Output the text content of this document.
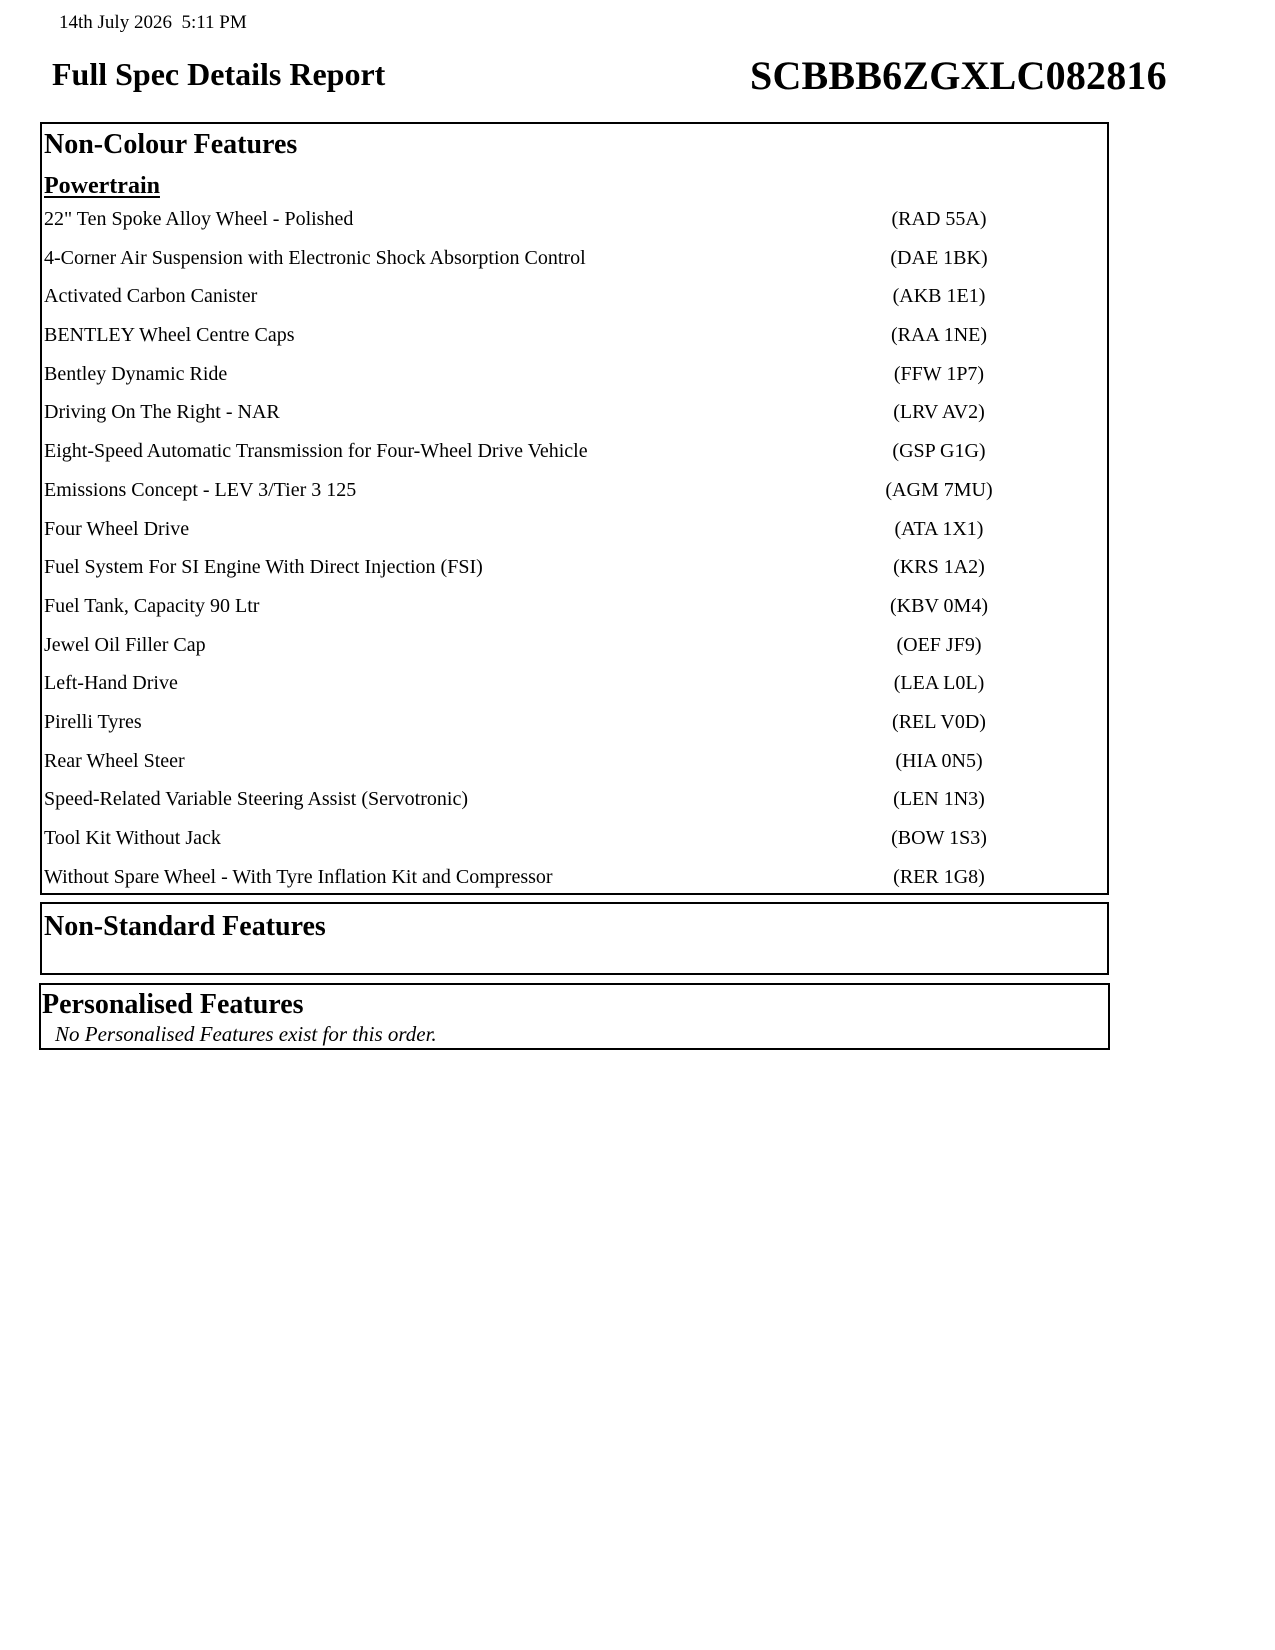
14th July 2026  5:11 PM
Full Spec Details Report	SCBBB6ZGXLC082816
Non-Colour Features
Powertrain
22" Ten Spoke Alloy Wheel - Polished	(RAD 55A)
4-Corner Air Suspension with Electronic Shock Absorption Control	(DAE 1BK)
Activated Carbon Canister	(AKB 1E1)
BENTLEY Wheel Centre Caps	(RAA 1NE)
Bentley Dynamic Ride	(FFW 1P7)
Driving On The Right - NAR	(LRV AV2)
Eight-Speed Automatic Transmission for Four-Wheel Drive Vehicle	(GSP G1G)
Emissions Concept - LEV 3/Tier 3 125	(AGM 7MU)
Four Wheel Drive	(ATA 1X1)
Fuel System For SI Engine With Direct Injection (FSI)	(KRS 1A2)
Fuel Tank, Capacity 90 Ltr	(KBV 0M4)
Jewel Oil Filler Cap	(OEF JF9)
Left-Hand Drive	(LEA L0L)
Pirelli Tyres	(REL V0D)
Rear Wheel Steer	(HIA 0N5)
Speed-Related Variable Steering Assist (Servotronic)	(LEN 1N3)
Tool Kit Without Jack	(BOW 1S3)
Without Spare Wheel - With Tyre Inflation Kit and Compressor	(RER 1G8)
Non-Standard Features
Personalised Features
No Personalised Features exist for this order.
